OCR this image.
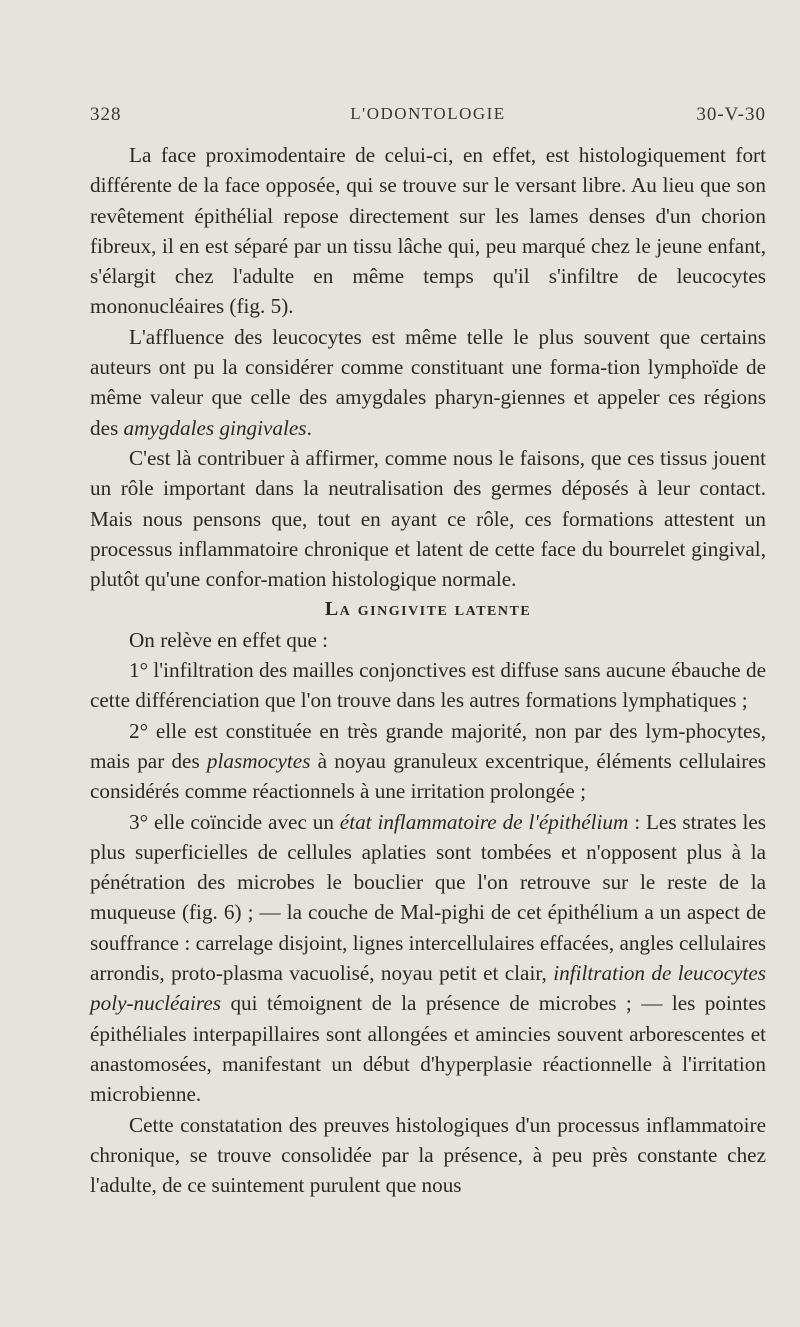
328	L'ODONTOLOGIE	30-V-30

La face proximodentaire de celui-ci, en effet, est histologiquement fort différente de la face opposée, qui se trouve sur le versant libre. Au lieu que son revêtement épithélial repose directement sur les lames denses d'un chorion fibreux, il en est séparé par un tissu lâche qui, peu marqué chez le jeune enfant, s'élargit chez l'adulte en même temps qu'il s'infiltre de leucocytes mononucléaires (fig. 5).

L'affluence des leucocytes est même telle le plus souvent que certains auteurs ont pu la considérer comme constituant une forma-tion lymphoïde de même valeur que celle des amygdales pharyn-giennes et appeler ces régions des amygdales gingivales.

C'est là contribuer à affirmer, comme nous le faisons, que ces tissus jouent un rôle important dans la neutralisation des germes déposés à leur contact. Mais nous pensons que, tout en ayant ce rôle, ces formations attestent un processus inflammatoire chronique et latent de cette face du bourrelet gingival, plutôt qu'une confor-mation histologique normale.

La gingivite latente

On relève en effet que :

1° l'infiltration des mailles conjonctives est diffuse sans aucune ébauche de cette différenciation que l'on trouve dans les autres formations lymphatiques ;

2° elle est constituée en très grande majorité, non par des lym-phocytes, mais par des plasmocytes à noyau granuleux excentrique, éléments cellulaires considérés comme réactionnels à une irritation prolongée ;

3° elle coïncide avec un état inflammatoire de l'épithélium : Les strates les plus superficielles de cellules aplaties sont tombées et n'opposent plus à la pénétration des microbes le bouclier que l'on retrouve sur le reste de la muqueuse (fig. 6) ; — la couche de Mal-pighi de cet épithélium a un aspect de souffrance : carrelage disjoint, lignes intercellulaires effacées, angles cellulaires arrondis, proto-plasma vacuolisé, noyau petit et clair, infiltration de leucocytes poly-nucléaires qui témoignent de la présence de microbes ; — les pointes épithéliales interpapillaires sont allongées et amincies souvent arborescentes et anastomosées, manifestant un début d'hyperplasie réactionnelle à l'irritation microbienne.

Cette constatation des preuves histologiques d'un processus inflammatoire chronique, se trouve consolidée par la présence, à peu près constante chez l'adulte, de ce suintement purulent que nous
